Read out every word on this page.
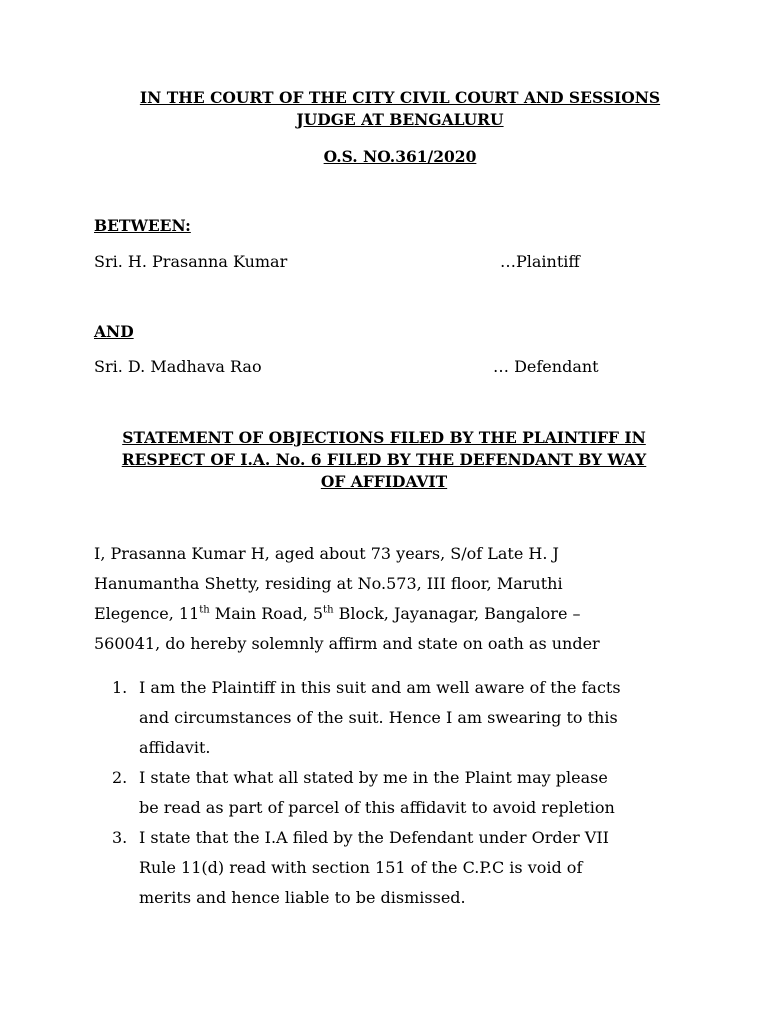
IN THE COURT OF THE CITY CIVIL COURT AND SESSIONS
JUDGE AT BENGALURU
O.S. NO.361/2020
BETWEEN:
Sri. H. Prasanna Kumar	…Plaintiff
AND
Sri. D. Madhava Rao	… Defendant
STATEMENT OF OBJECTIONS FILED BY THE PLAINTIFF IN
RESPECT OF I.A. No. 6 FILED BY THE DEFENDANT BY WAY
OF AFFIDAVIT
I, Prasanna Kumar H, aged about 73 years, S/of Late H. J
Hanumantha Shetty, residing at No.573, III floor, Maruthi
Elegence, 11th Main Road, 5th Block, Jayanagar, Bangalore –
560041, do hereby solemnly affirm and state on oath as under
1. I am the Plaintiff in this suit and am well aware of the facts
and circumstances of the suit. Hence I am swearing to this
affidavit.
2. I state that what all stated by me in the Plaint may please
be read as part of parcel of this affidavit to avoid repletion
3. I state that the I.A filed by the Defendant under Order VII
Rule 11(d) read with section 151 of the C.P.C is void of
merits and hence liable to be dismissed.
